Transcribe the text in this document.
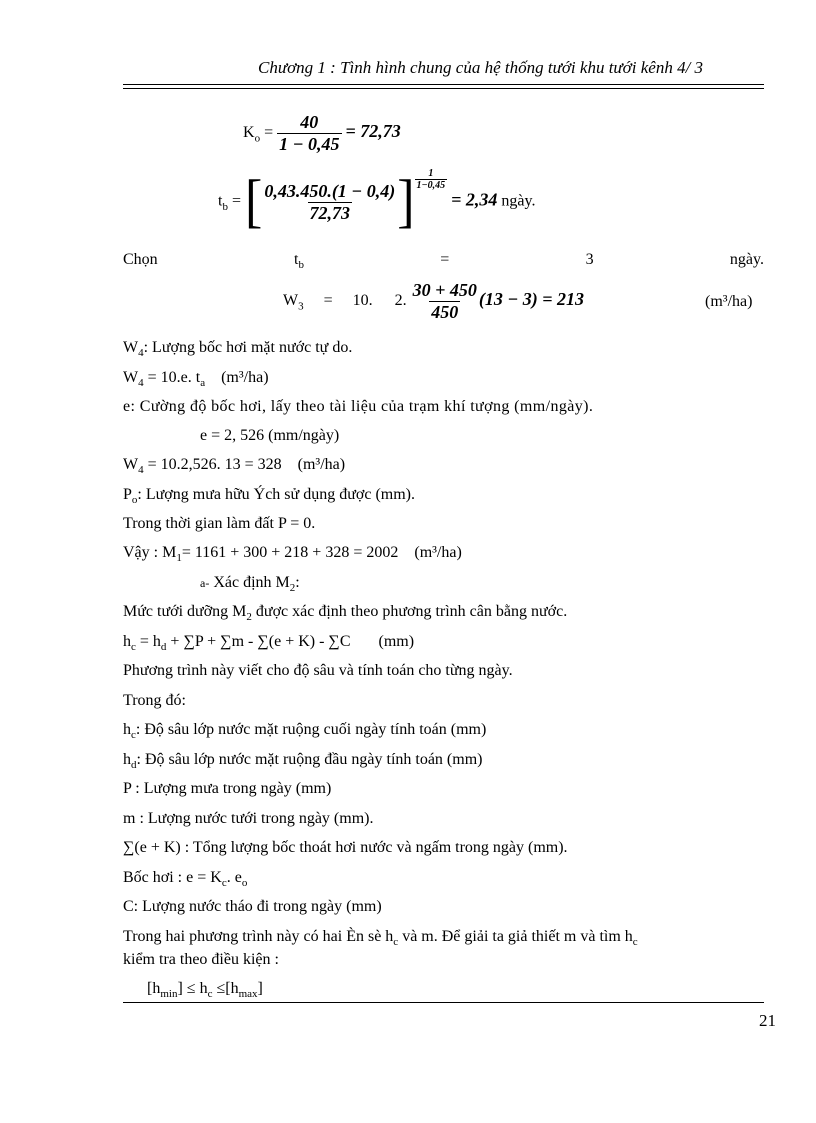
Chương 1 : Tình hình chung của hệ thống tưới khu tưới kênh 4/ 3
$K_o = \frac{40}{1 - 0,45} = 72,73$
$t_b$ = [ $\frac{0,43.450.(1 - 0,4)}{72,73}$ ] $\frac{1}{1-0,45}$
= 2,34 ngày.
Chọn	$t_b$	=	3	ngày.
$W_3 = 10$. 2. $\frac{30 + 450}{450} (13 - 3) = 213$	(m³/ha)
$W_4$: Lượng bốc hơi mặt nước tự do.
$W_4 = 10.e$. $t_a$ (m³/ha)
e: Cường độ bốc hơi, lấy theo tài liệu của trạm khí tượng (mm/ngày).
e = 2, 526 (mm/ngày)
$W_4 = 10.2,526$. 13 = 328 (m³/ha)
$P_o$: Lượng mưa hữu Ých sử dụng được (mm).
Trong thời gian làm đất P = 0.
Vậy : $M_1= 1161 + 300 + 218 + 328 = 2002$ (m³/ha)
a- Xác định $M_2$:
Mức tưới dưỡng $M_2$ được xác định theo phương trình cân bằng nước.
$h_c = h_d + \sum P + \sum m - \sum(e + K) - \sum C$ (mm)
Phương trình này viết cho độ sâu và tính toán cho từng ngày.
Trong đó:
$h_c$: Độ sâu lớp nước mặt ruộng cuối ngày tính toán (mm)
$h_d$: Độ sâu lớp nước mặt ruộng đầu ngày tính toán (mm)
P : Lượng mưa trong ngày (mm)
m : Lượng nước tưới trong ngày (mm).
∑(e + K) : Tổng lượng bốc thoát hơi nước và ngấm trong ngày (mm).
Bốc hơi : $e = K_c$. $e_o$
C: Lượng nước tháo đi trong ngày (mm)
Trong hai phương trình này có hai Èn sè $h_c$ và m. Để giải ta giả thiết m và tìm $h_c$
kiểm tra theo điều kiện :
$[h_{min}] \le h_c \le[h_{max}]$
21
